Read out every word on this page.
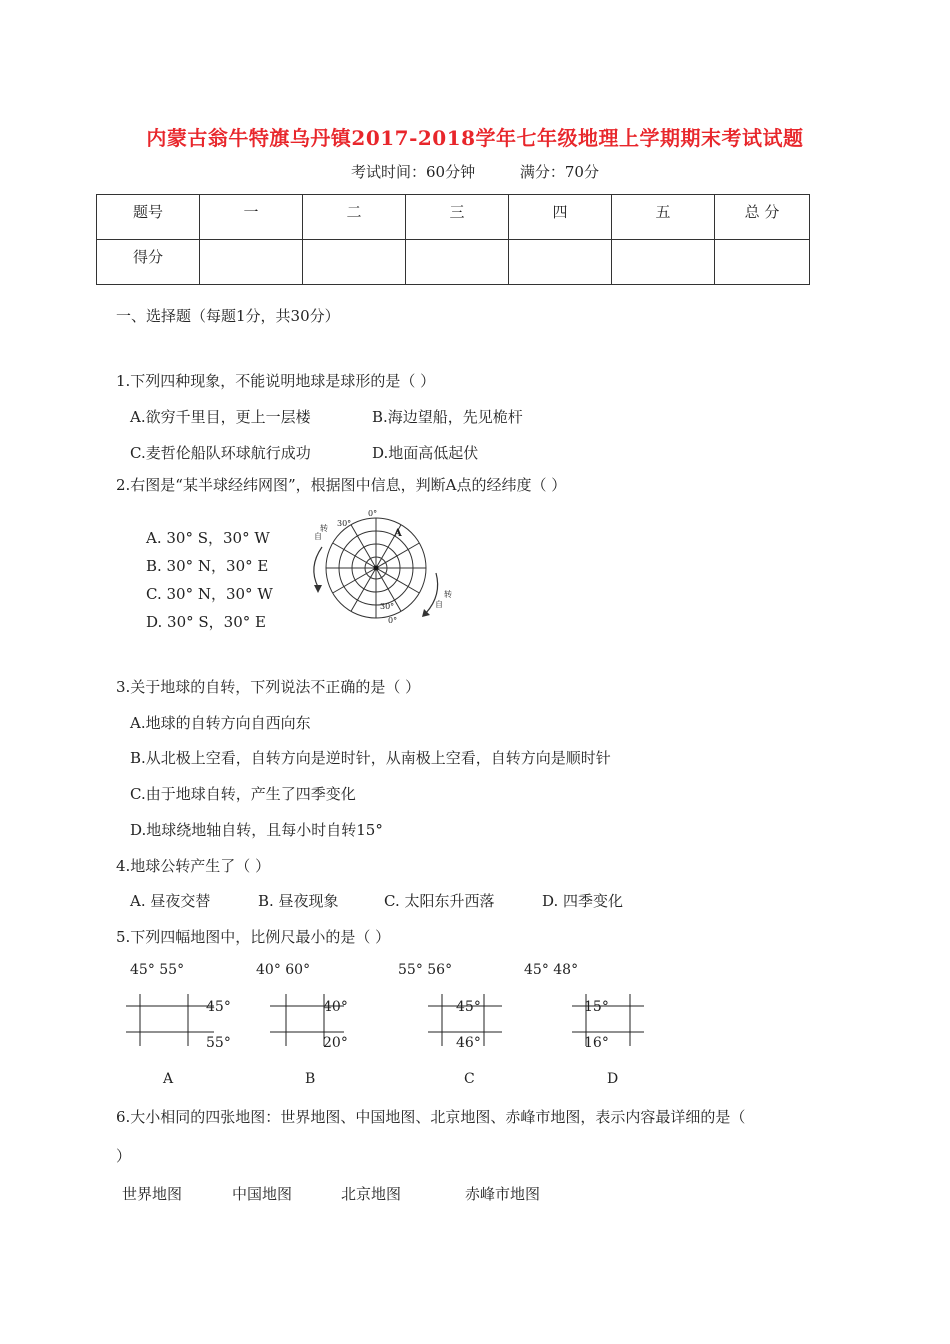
内蒙古翁牛特旗乌丹镇2017-2018学年七年级地理上学期期末考试试题
考试时间：60分钟	满分：70分
题号	一	二	三	四	五	总 分
得分						
一、选择题（每题1分，共30分）
1.下列四种现象，不能说明地球是球形的是（ ）
A.欲穷千里目，更上一层楼	B.海边望船，先见桅杆
C.麦哲伦船队环球航行成功	D.地面高低起伏
2.右图是“某半球经纬网图”，根据图中信息，判断A点的经纬度（ ）
A. 30° S，30° W
B. 30° N，30° E
C. 30° N，30° W
D. 30° S，30° E
30°
0°
A
30°
0°
自
转
自
转
3.关于地球的自转，下列说法不正确的是（ ）
A.地球的自转方向自西向东
B.从北极上空看，自转方向是逆时针，从南极上空看，自转方向是顺时针
C.由于地球自转，产生了四季变化
D.地球绕地轴自转，且每小时自转15°
4.地球公转产生了（ ）
A. 昼夜交替	B. 昼夜现象	C. 太阳东升西落	D. 四季变化
5.下列四幅地图中，比例尺最小的是（ ）
45° 55°
45°
55°
A
40° 60°
40°
20°
B
55° 56°
45°
46°
C
45° 48°
15°
16°
D
6.大小相同的四张地图：世界地图、中国地图、北京地图、赤峰市地图，表示内容最详细的是（
）
世界地图	中国地图	北京地图	赤峰市地图
